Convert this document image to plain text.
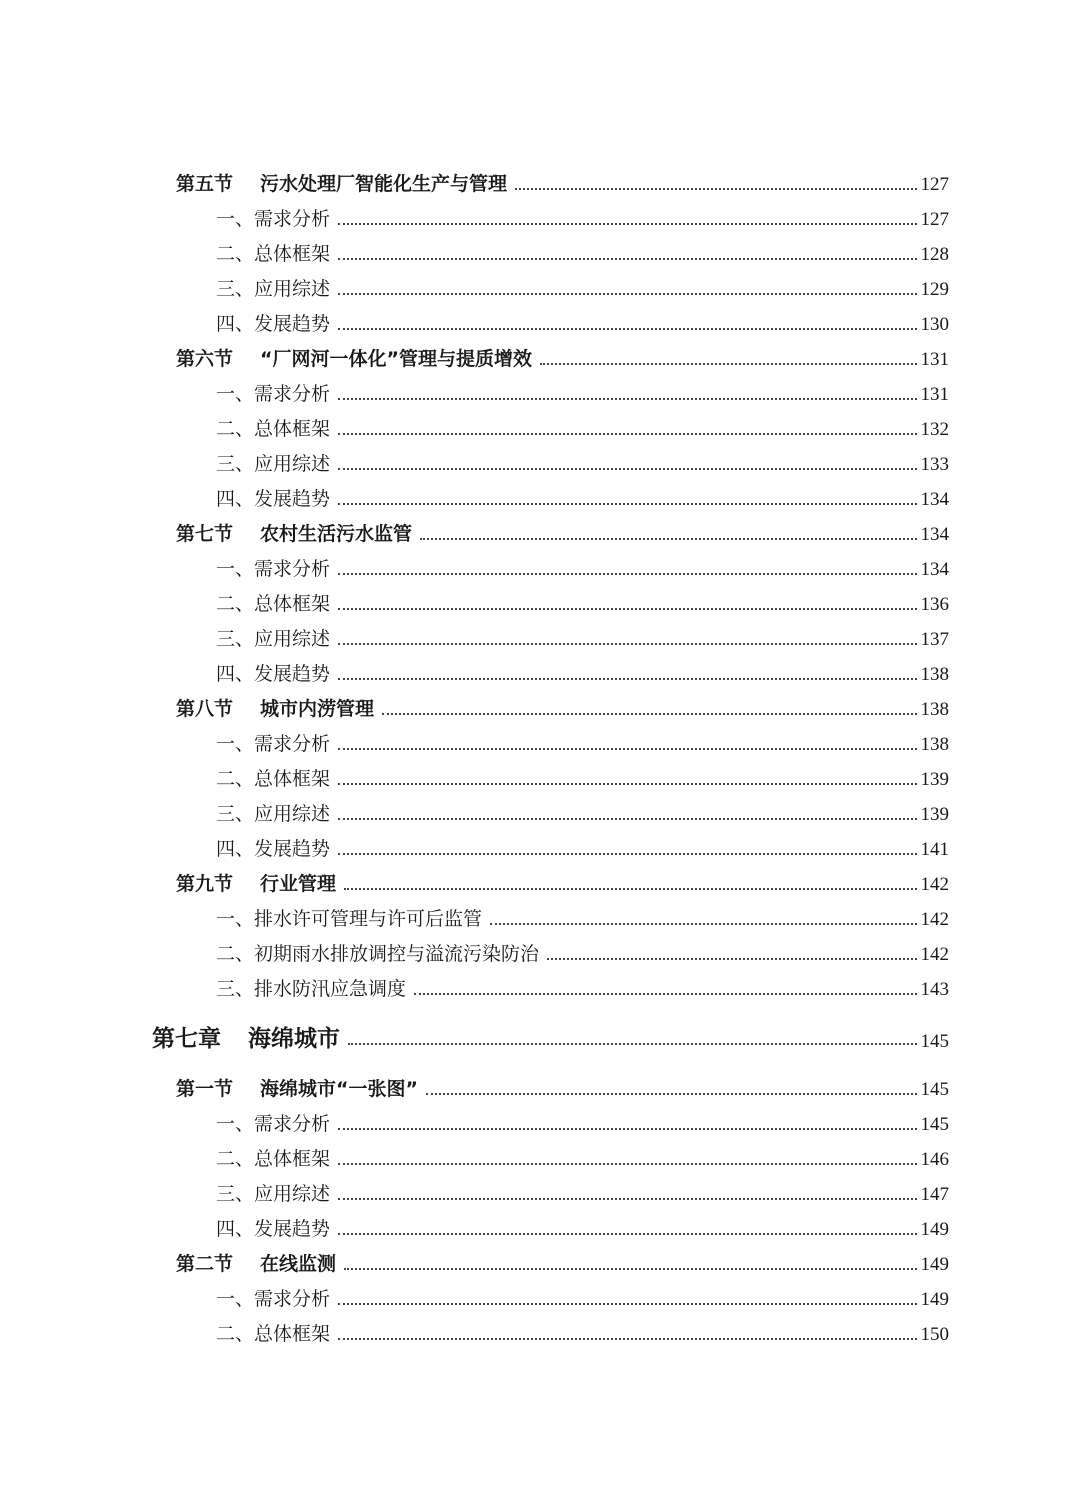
第五节	污水处理厂智能化生产与管理	127
一、需求分析	127
二、总体框架	128
三、应用综述	129
四、发展趋势	130
第六节	“厂网河一体化”管理与提质增效	131
一、需求分析	131
二、总体框架	132
三、应用综述	133
四、发展趋势	134
第七节	农村生活污水监管	134
一、需求分析	134
二、总体框架	136
三、应用综述	137
四、发展趋势	138
第八节	城市内涝管理	138
一、需求分析	138
二、总体框架	139
三、应用综述	139
四、发展趋势	141
第九节	行业管理	142
一、排水许可管理与许可后监管	142
二、初期雨水排放调控与溢流污染防治	142
三、排水防汛应急调度	143
第七章	海绵城市	145
第一节	海绵城市“一张图”	145
一、需求分析	145
二、总体框架	146
三、应用综述	147
四、发展趋势	149
第二节	在线监测	149
一、需求分析	149
二、总体框架	150
